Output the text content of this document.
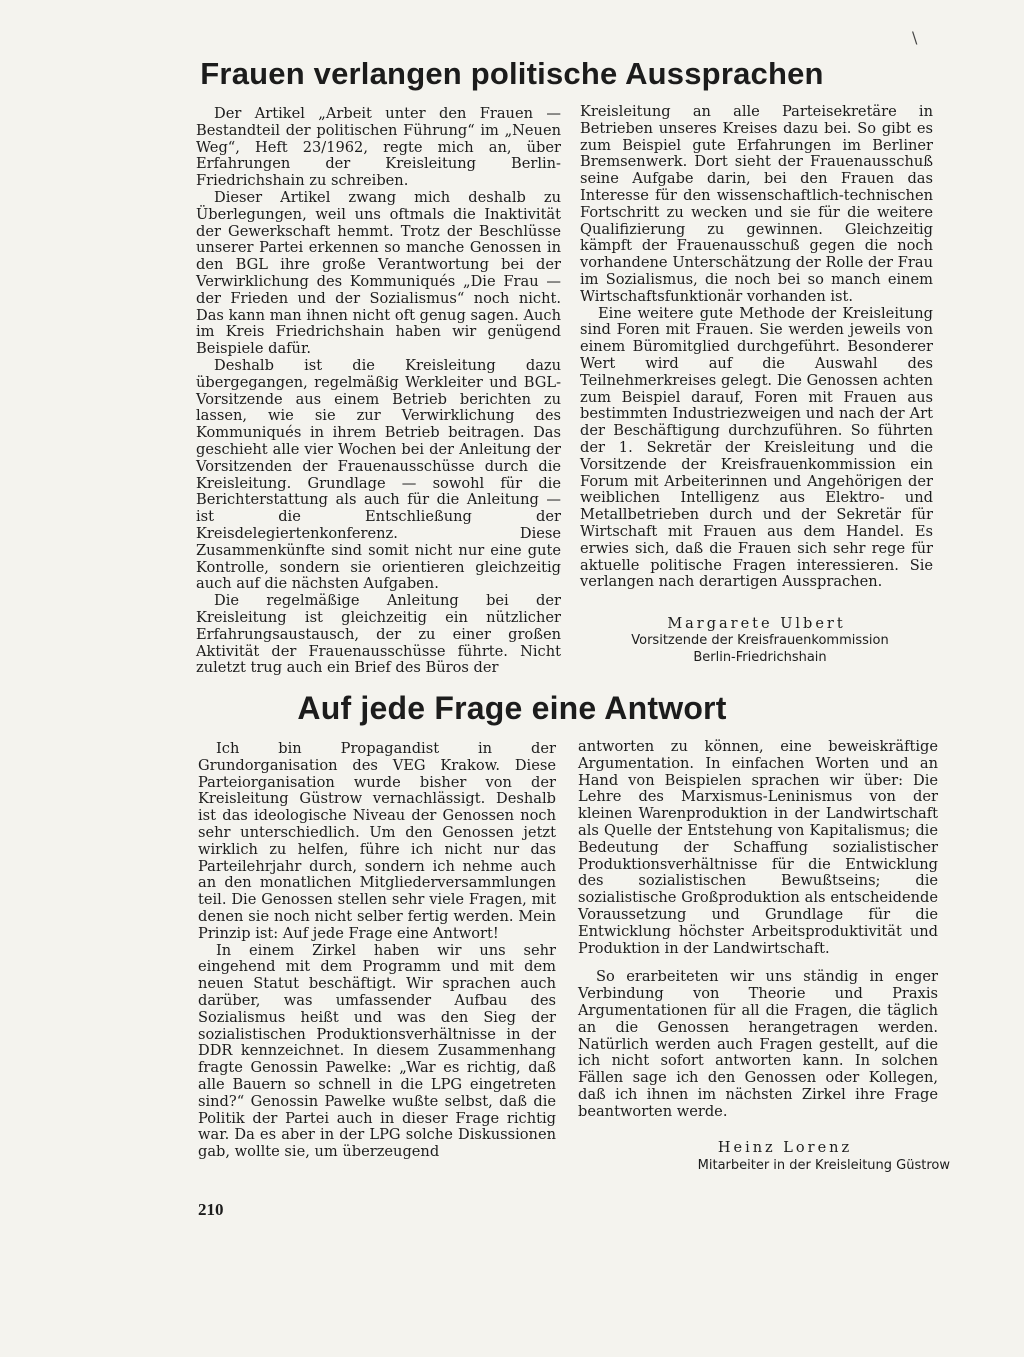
\
Frauen verlangen politische Aussprachen

Der Artikel „Arbeit unter den Frauen — Bestandteil der politischen Führung“ im „Neuen Weg“, Heft 23/1962, regte mich an, über Erfahrungen der Kreisleitung Berlin-Friedrichshain zu schreiben.

Dieser Artikel zwang mich deshalb zu Überlegungen, weil uns oftmals die Inaktivität der Gewerkschaft hemmt. Trotz der Beschlüsse unserer Partei erkennen so manche Genossen in den BGL ihre große Verantwortung bei der Verwirklichung des Kommuniqués „Die Frau — der Frieden und der Sozialismus“ noch nicht. Das kann man ihnen nicht oft genug sagen. Auch im Kreis Friedrichshain haben wir genügend Beispiele dafür.

Deshalb ist die Kreisleitung dazu übergegangen, regelmäßig Werkleiter und BGL-Vorsitzende aus einem Betrieb berichten zu lassen, wie sie zur Verwirklichung des Kommuniqués in ihrem Betrieb beitragen. Das geschieht alle vier Wochen bei der Anleitung der Vorsitzenden der Frauenausschüsse durch die Kreisleitung. Grundlage — sowohl für die Berichterstattung als auch für die Anleitung — ist die Entschließung der Kreisdelegiertenkonferenz. Diese Zusammenkünfte sind somit nicht nur eine gute Kontrolle, sondern sie orientieren gleichzeitig auch auf die nächsten Aufgaben.

Die regelmäßige Anleitung bei der Kreisleitung ist gleichzeitig ein nützlicher Erfahrungsaustausch, der zu einer großen Aktivität der Frauenausschüsse führte. Nicht zuletzt trug auch ein Brief des Büros der

Kreisleitung an alle Parteisekretäre in Betrieben unseres Kreises dazu bei. So gibt es zum Beispiel gute Erfahrungen im Berliner Bremsenwerk. Dort sieht der Frauenausschuß seine Aufgabe darin, bei den Frauen das Interesse für den wissenschaftlich-technischen Fortschritt zu wecken und sie für die weitere Qualifizierung zu gewinnen. Gleichzeitig kämpft der Frauenausschuß gegen die noch vorhandene Unterschätzung der Rolle der Frau im Sozialismus, die noch bei so manch einem Wirtschaftsfunktionär vorhanden ist.

Eine weitere gute Methode der Kreisleitung sind Foren mit Frauen. Sie werden jeweils von einem Büromitglied durchgeführt. Besonderer Wert wird auf die Auswahl des Teilnehmerkreises gelegt. Die Genossen achten zum Beispiel darauf, Foren mit Frauen aus bestimmten Industriezweigen und nach der Art der Beschäftigung durchzuführen. So führten der 1. Sekretär der Kreisleitung und die Vorsitzende der Kreisfrauenkommission ein Forum mit Arbeiterinnen und Angehörigen der weiblichen Intelligenz aus Elektro- und Metallbetrieben durch und der Sekretär für Wirtschaft mit Frauen aus dem Handel. Es erwies sich, daß die Frauen sich sehr rege für aktuelle politische Fragen interessieren. Sie verlangen nach derartigen Aussprachen.

Margarete Ulbert

Vorsitzende der Kreisfrauenkommission
Berlin-Friedrichshain

Auf jede Frage eine Antwort

Ich bin Propagandist in der Grundorganisation des VEG Krakow. Diese Parteiorganisation wurde bisher von der Kreisleitung Güstrow vernachlässigt. Deshalb ist das ideologische Niveau der Genossen noch sehr unterschiedlich. Um den Genossen jetzt wirklich zu helfen, führe ich nicht nur das Parteilehrjahr durch, sondern ich nehme auch an den monatlichen Mitgliederversammlungen teil. Die Genossen stellen sehr viele Fragen, mit denen sie noch nicht selber fertig werden. Mein Prinzip ist: Auf jede Frage eine Antwort!

In einem Zirkel haben wir uns sehr eingehend mit dem Programm und mit dem neuen Statut beschäftigt. Wir sprachen auch darüber, was umfassender Aufbau des Sozialismus heißt und was den Sieg der sozialistischen Produktionsverhältnisse in der DDR kennzeichnet. In diesem Zusammenhang fragte Genossin Pawelke: „War es richtig, daß alle Bauern so schnell in die LPG eingetreten sind?“ Genossin Pawelke wußte selbst, daß die Politik der Partei auch in dieser Frage richtig war. Da es aber in der LPG solche Diskussionen gab, wollte sie, um überzeugend

antworten zu können, eine beweiskräftige Argumentation. In einfachen Worten und an Hand von Beispielen sprachen wir über: Die Lehre des Marxismus-Leninismus von der kleinen Warenproduktion in der Landwirtschaft als Quelle der Entstehung von Kapitalismus; die Bedeutung der Schaffung sozialistischer Produktionsverhältnisse für die Entwicklung des sozialistischen Bewußtseins; die sozialistische Großproduktion als entscheidende Voraussetzung und Grundlage für die Entwicklung höchster Arbeitsproduktivität und Produktion in der Landwirtschaft.

So erarbeiteten wir uns ständig in enger Verbindung von Theorie und Praxis Argumentationen für all die Fragen, die täglich an die Genossen herangetragen werden. Natürlich werden auch Fragen gestellt, auf die ich nicht sofort antworten kann. In solchen Fällen sage ich den Genossen oder Kollegen, daß ich ihnen im nächsten Zirkel ihre Frage beantworten werde.

Heinz Lorenz

Mitarbeiter in der Kreisleitung Güstrow

210
